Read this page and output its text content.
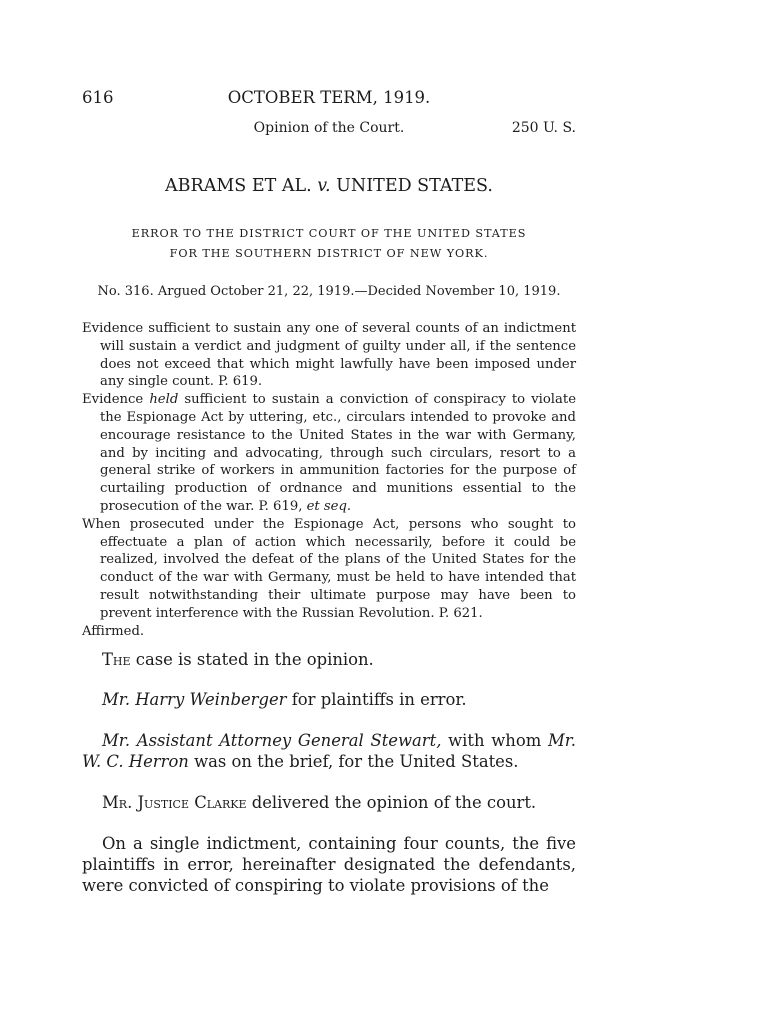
616	OCTOBER TERM, 1919.
Opinion of the Court.	250 U. S.
ABRAMS ET AL. v. UNITED STATES.
ERROR TO THE DISTRICT COURT OF THE UNITED STATES
FOR THE SOUTHERN DISTRICT OF NEW YORK.
No. 316. Argued October 21, 22, 1919.—Decided November 10, 1919.

Evidence sufficient to sustain any one of several counts of an indictment will sustain a verdict and judgment of guilty under all, if the sentence does not exceed that which might lawfully have been imposed under any single count. P. 619.

Evidence held sufficient to sustain a conviction of conspiracy to violate the Espionage Act by uttering, etc., circulars intended to provoke and encourage resistance to the United States in the war with Germany, and by inciting and advocating, through such circulars, resort to a general strike of workers in ammunition factories for the purpose of curtailing production of ordnance and munitions essential to the prosecution of the war. P. 619, et seq.

When prosecuted under the Espionage Act, persons who sought to effectuate a plan of action which necessarily, before it could be realized, involved the defeat of the plans of the United States for the conduct of the war with Germany, must be held to have intended that result notwithstanding their ultimate purpose may have been to prevent interference with the Russian Revolution. P. 621.

Affirmed.

The case is stated in the opinion.

Mr. Harry Weinberger for plaintiffs in error.

Mr. Assistant Attorney General Stewart, with whom Mr. W. C. Herron was on the brief, for the United States.

Mr. Justice Clarke delivered the opinion of the court.

On a single indictment, containing four counts, the five plaintiffs in error, hereinafter designated the defendants, were convicted of conspiring to violate provisions of the
